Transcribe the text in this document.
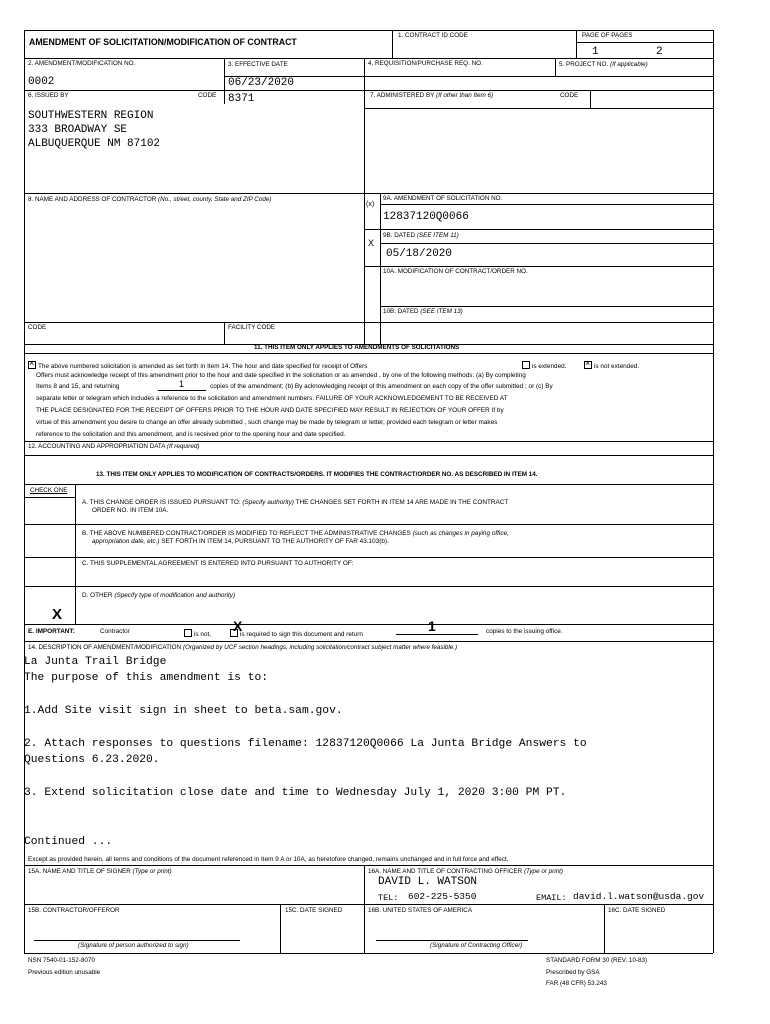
AMENDMENT OF SOLICITATION/MODIFICATION OF CONTRACT
1. CONTRACT ID CODE	PAGE OF PAGES
1	2
2. AMENDMENT/MODIFICATION NO.
0002
3. EFFECTIVE DATE
06/23/2020
4. REQUISITION/PURCHASE REQ. NO.	5. PROJECT NO. (If applicable)
6. ISSUED BY	CODE 8371	7. ADMINISTERED BY (If other than Item 6)	CODE
SOUTHWESTERN REGION
333 BROADWAY SE
ALBUQUERQUE NM 87102
8. NAME AND ADDRESS OF CONTRACTOR (No., street, county, State and ZIP Code)
CODE	FACILITY CODE
(x)
9A. AMENDMENT OF SOLICITATION NO.
12837120Q0066
X
9B. DATED (SEE ITEM 11)
05/18/2020
10A. MODIFICATION OF CONTRACT/ORDER NO.
10B. DATED (SEE ITEM 13)
11. THIS ITEM ONLY APPLIES TO AMENDMENTS OF SOLICITATIONS
×The above numbered solicitation is amended as set forth in Item 14. The hour and date specified for receipt of Offers	is extended.
×	is not extended.
Offers must acknowledge receipt of this amendment prior to the hour and date specified in the solicitation or as amended , by one of the following methods: (a) By completing
Items 8 and 15, and returning	1	copies of the amendment; (b) By acknowledging receipt of this amendment on each copy of the offer submitted ; or (c) By
separate letter or telegram which includes a reference to the solicitation and amendment numbers. FAILURE OF YOUR ACKNOWLEDGEMENT TO BE RECEIVED AT
THE PLACE DESIGNATED FOR THE RECEIPT OF OFFERS PRIOR TO THE HOUR AND DATE SPECIFIED MAY RESULT IN REJECTION OF YOUR OFFER If by
virtue of this amendment you desire to change an offer already submitted , such change may be made by telegram or letter, provided each telegram or letter makes
reference to the solicitation and this amendment, and is received prior to the opening hour and date specified.
12. ACCOUNTING AND APPROPRIATION DATA (If required)
13. THIS ITEM ONLY APPLIES TO MODIFICATION OF CONTRACTS/ORDERS. IT MODIFIES THE CONTRACT/ORDER NO. AS DESCRIBED IN ITEM 14.
CHECK ONE
A. THIS CHANGE ORDER IS ISSUED PURSUANT TO: (Specify authority) THE CHANGES SET FORTH IN ITEM 14 ARE MADE IN THE CONTRACT
ORDER NO. IN ITEM 10A.
B. THE ABOVE NUMBERED CONTRACT/ORDER IS MODIFIED TO REFLECT THE ADMINISTRATIVE CHANGES (such as changes in paying office,
appropriation date, etc.) SET FORTH IN ITEM 14, PURSUANT TO THE AUTHORITY OF FAR 43.103(b).
C. THIS SUPPLEMENTAL AGREEMENT IS ENTERED INTO PURSUANT TO AUTHORITY OF:
D. OTHER (Specify type of modification and authority)
X
E. IMPORTANT:	Contractor	is not,	is required to sign this document and return
X	1	copies to the issuing office.
14. DESCRIPTION OF AMENDMENT/MODIFICATION (Organized by UCF section headings, including solicitation/contract subject matter where feasible.)
La Junta Trail Bridge
The purpose of this amendment is to:
1.Add Site visit sign in sheet to beta.sam.gov.
2. Attach responses to questions filename: 12837120Q0066 La Junta Bridge Answers to
Questions 6.23.2020.
3. Extend solicitation close date and time to Wednesday July 1, 2020 3:00 PM PT.
Continued ...
Except as provided herein, all terms and conditions of the document referenced in Item 9 A or 10A, as heretofore changed, remains unchanged and in full force and effect.
15A. NAME AND TITLE OF SIGNER (Type or print)	16A. NAME AND TITLE OF CONTRACTING OFFICER (Type or print)
DAVID L. WATSON
TEL: 602-225-5350	EMAIL: david.l.watson@usda.gov
15B. CONTRACTOR/OFFEROR	15C. DATE SIGNED	16B. UNITED STATES OF AMERICA	16C. DATE SIGNED
(Signature of person authorized to sign)	(Signature of Contracting Officer)
NSN 7540-01-152-8070
Previous edition unusable
STANDARD FORM 30 (REV. 10-83)
Prescribed by GSA
FAR (48 CFR) 53.243
